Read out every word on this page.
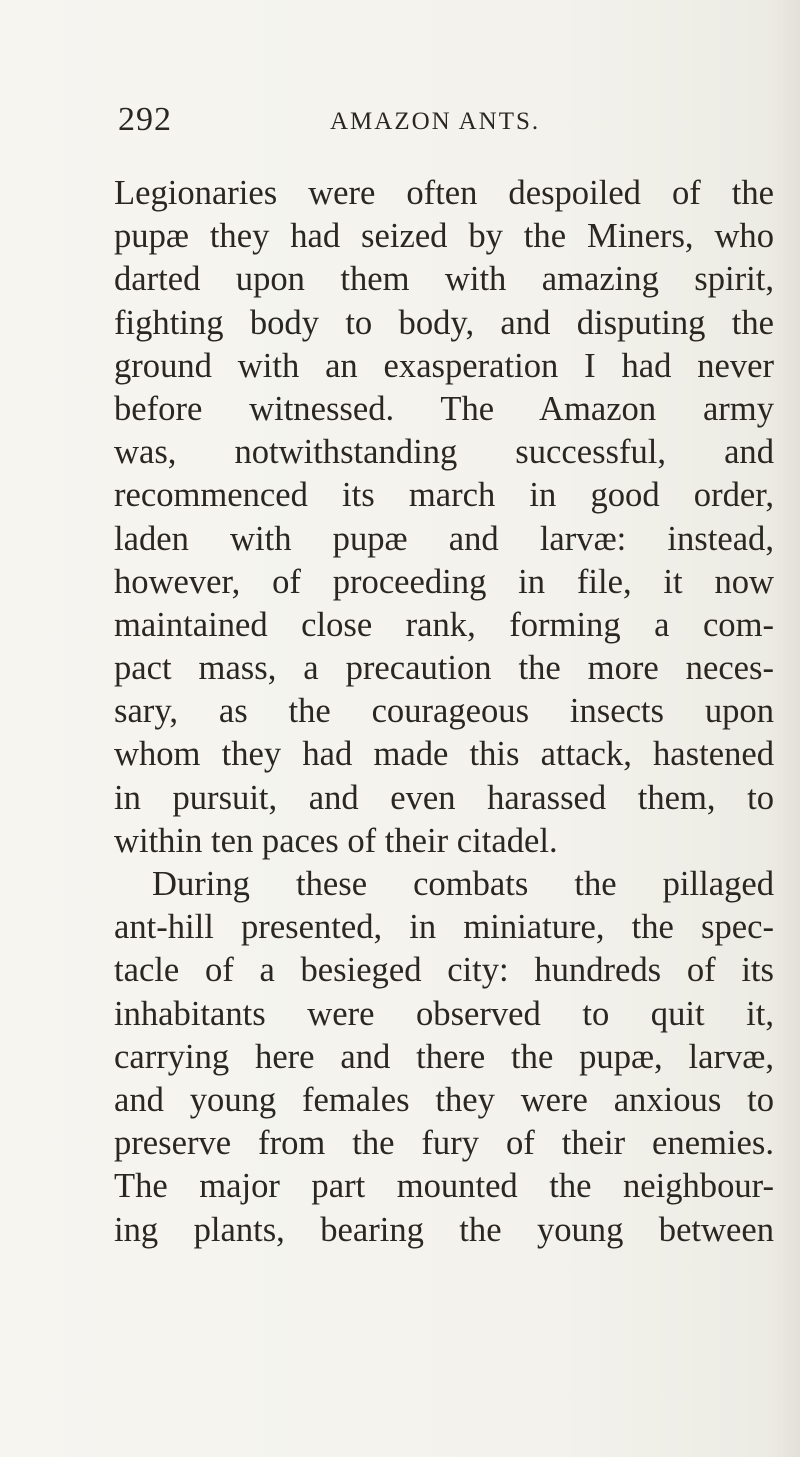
292	AMAZON ANTS.
Legionaries were often despoiled of the
pupæ they had seized by the Miners, who
darted upon them with amazing spirit,
fighting body to body, and disputing the
ground with an exasperation I had never
before witnessed. The Amazon army
was, notwithstanding successful, and
recommenced its march in good order,
laden with pupæ and larvæ: instead,
however, of proceeding in file, it now
maintained close rank, forming a com-
pact mass, a precaution the more neces-
sary, as the courageous insects upon
whom they had made this attack, hastened
in pursuit, and even harassed them, to
within ten paces of their citadel.
During these combats the pillaged
ant-hill presented, in miniature, the spec-
tacle of a besieged city: hundreds of its
inhabitants were observed to quit it,
carrying here and there the pupæ, larvæ,
and young females they were anxious to
preserve from the fury of their enemies.
The major part mounted the neighbour-
ing plants, bearing the young between
